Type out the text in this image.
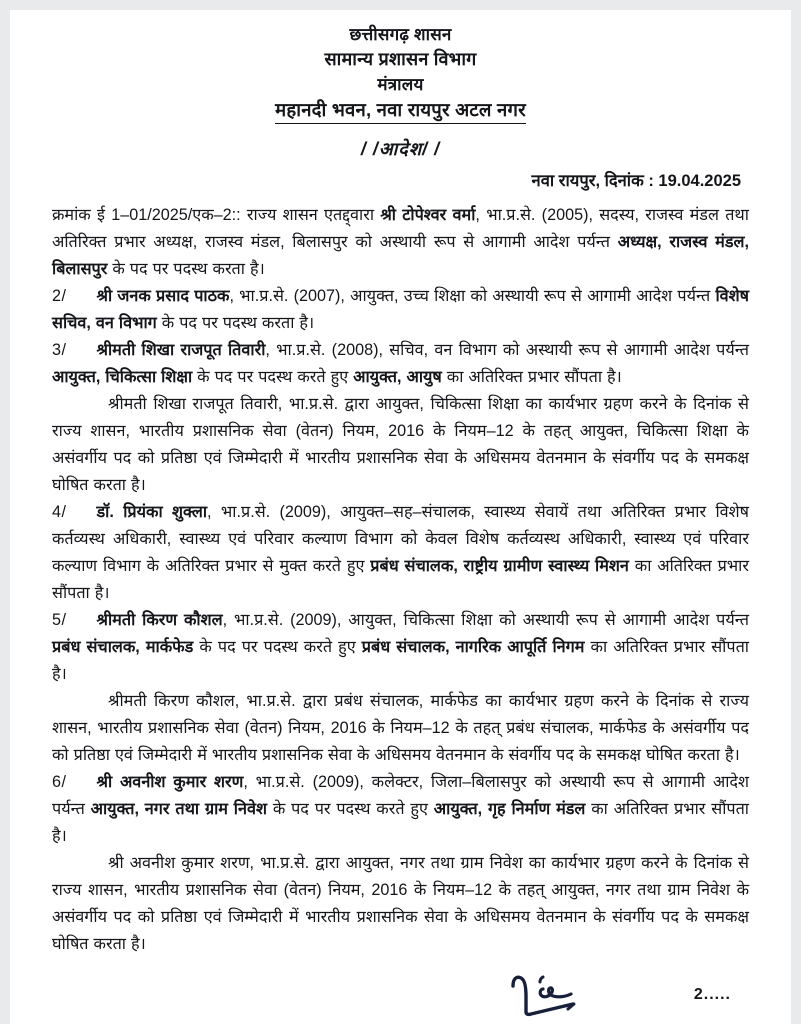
छत्तीसगढ़ शासन
सामान्य प्रशासन विभाग
मंत्रालय
महानदी भवन, नवा रायपुर अटल नगर
/ /आदेश/ /
नवा रायपुर, दिनांक : 19.04.2025
क्रमांक ई 1–01/2025/एक–2:: राज्य शासन एतद्द्वारा श्री टोपेश्वर वर्मा, भा.प्र.से. (2005), सदस्य, राजस्व मंडल तथा अतिरिक्त प्रभार अध्यक्ष, राजस्व मंडल, बिलासपुर को अस्थायी रूप से आगामी आदेश पर्यन्त अध्यक्ष, राजस्व मंडल, बिलासपुर के पद पर पदस्थ करता है।
2/ श्री जनक प्रसाद पाठक, भा.प्र.से. (2007), आयुक्त, उच्च शिक्षा को अस्थायी रूप से आगामी आदेश पर्यन्त विशेष सचिव, वन विभाग के पद पर पदस्थ करता है।
3/ श्रीमती शिखा राजपूत तिवारी, भा.प्र.से. (2008), सचिव, वन विभाग को अस्थायी रूप से आगामी आदेश पर्यन्त आयुक्त, चिकित्सा शिक्षा के पद पर पदस्थ करते हुए आयुक्त, आयुष का अतिरिक्त प्रभार सौंपता है।
श्रीमती शिखा राजपूत तिवारी, भा.प्र.से. द्वारा आयुक्त, चिकित्सा शिक्षा का कार्यभार ग्रहण करने के दिनांक से राज्य शासन, भारतीय प्रशासनिक सेवा (वेतन) नियम, 2016 के नियम–12 के तहत् आयुक्त, चिकित्सा शिक्षा के असंवर्गीय पद को प्रतिष्ठा एवं जिम्मेदारी में भारतीय प्रशासनिक सेवा के अधिसमय वेतनमान के संवर्गीय पद के समकक्ष घोषित करता है।
4/ डॉ. प्रियंका शुक्ला, भा.प्र.से. (2009), आयुक्त–सह–संचालक, स्वास्थ्य सेवायें तथा अतिरिक्त प्रभार विशेष कर्तव्यस्थ अधिकारी, स्वास्थ्य एवं परिवार कल्याण विभाग को केवल विशेष कर्तव्यस्थ अधिकारी, स्वास्थ्य एवं परिवार कल्याण विभाग के अतिरिक्त प्रभार से मुक्त करते हुए प्रबंध संचालक, राष्ट्रीय ग्रामीण स्वास्थ्य मिशन का अतिरिक्त प्रभार सौंपता है।
5/ श्रीमती किरण कौशल, भा.प्र.से. (2009), आयुक्त, चिकित्सा शिक्षा को अस्थायी रूप से आगामी आदेश पर्यन्त प्रबंध संचालक, मार्कफेड के पद पर पदस्थ करते हुए प्रबंध संचालक, नागरिक आपूर्ति निगम का अतिरिक्त प्रभार सौंपता है।
श्रीमती किरण कौशल, भा.प्र.से. द्वारा प्रबंध संचालक, मार्कफेड का कार्यभार ग्रहण करने के दिनांक से राज्य शासन, भारतीय प्रशासनिक सेवा (वेतन) नियम, 2016 के नियम–12 के तहत् प्रबंध संचालक, मार्कफेड के असंवर्गीय पद को प्रतिष्ठा एवं जिम्मेदारी में भारतीय प्रशासनिक सेवा के अधिसमय वेतनमान के संवर्गीय पद के समकक्ष घोषित करता है।
6/ श्री अवनीश कुमार शरण, भा.प्र.से. (2009), कलेक्टर, जिला–बिलासपुर को अस्थायी रूप से आगामी आदेश पर्यन्त आयुक्त, नगर तथा ग्राम निवेश के पद पर पदस्थ करते हुए आयुक्त, गृह निर्माण मंडल का अतिरिक्त प्रभार सौंपता है।
श्री अवनीश कुमार शरण, भा.प्र.से. द्वारा आयुक्त, नगर तथा ग्राम निवेश का कार्यभार ग्रहण करने के दिनांक से राज्य शासन, भारतीय प्रशासनिक सेवा (वेतन) नियम, 2016 के नियम–12 के तहत् आयुक्त, नगर तथा ग्राम निवेश के असंवर्गीय पद को प्रतिष्ठा एवं जिम्मेदारी में भारतीय प्रशासनिक सेवा के अधिसमय वेतनमान के संवर्गीय पद के समकक्ष घोषित करता है।
2.....
